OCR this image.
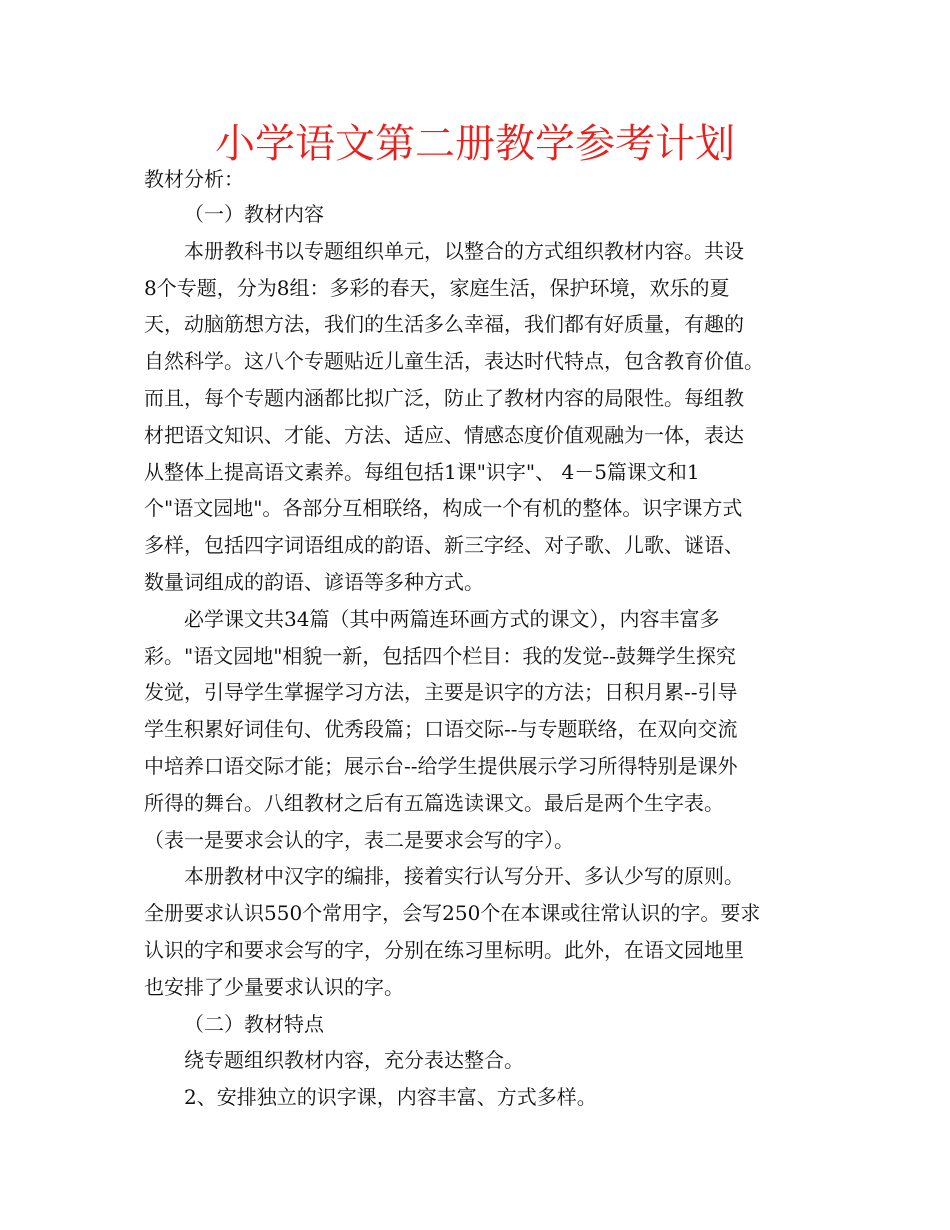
小学语文第二册教学参考计划
教材分析：
（一）教材内容
本册教科书以专题组织单元，以整合的方式组织教材内容。共设
8个专题，分为8组：多彩的春天，家庭生活，保护环境，欢乐的夏
天，动脑筋想方法，我们的生活多么幸福，我们都有好质量，有趣的
自然科学。这八个专题贴近儿童生活，表达时代特点，包含教育价值。
而且，每个专题内涵都比拟广泛，防止了教材内容的局限性。每组教
材把语文知识、才能、方法、适应、情感态度价值观融为一体，表达
从整体上提高语文素养。每组包括1课"识字"、 4－5篇课文和1
个"语文园地"。各部分互相联络，构成一个有机的整体。识字课方式
多样，包括四字词语组成的韵语、新三字经、对子歌、儿歌、谜语、
数量词组成的韵语、谚语等多种方式。
必学课文共34篇（其中两篇连环画方式的课文），内容丰富多
彩。"语文园地"相貌一新，包括四个栏目：我的发觉--鼓舞学生探究
发觉，引导学生掌握学习方法，主要是识字的方法；日积月累--引导
学生积累好词佳句、优秀段篇；口语交际--与专题联络，在双向交流
中培养口语交际才能；展示台--给学生提供展示学习所得特别是课外
所得的舞台。八组教材之后有五篇选读课文。最后是两个生字表。
（表一是要求会认的字，表二是要求会写的字）。
本册教材中汉字的编排，接着实行认写分开、多认少写的原则。
全册要求认识550个常用字，会写250个在本课或往常认识的字。要求
认识的字和要求会写的字，分别在练习里标明。此外，在语文园地里
也安排了少量要求认识的字。
（二）教材特点
绕专题组织教材内容，充分表达整合。
2、安排独立的识字课，内容丰富、方式多样。
